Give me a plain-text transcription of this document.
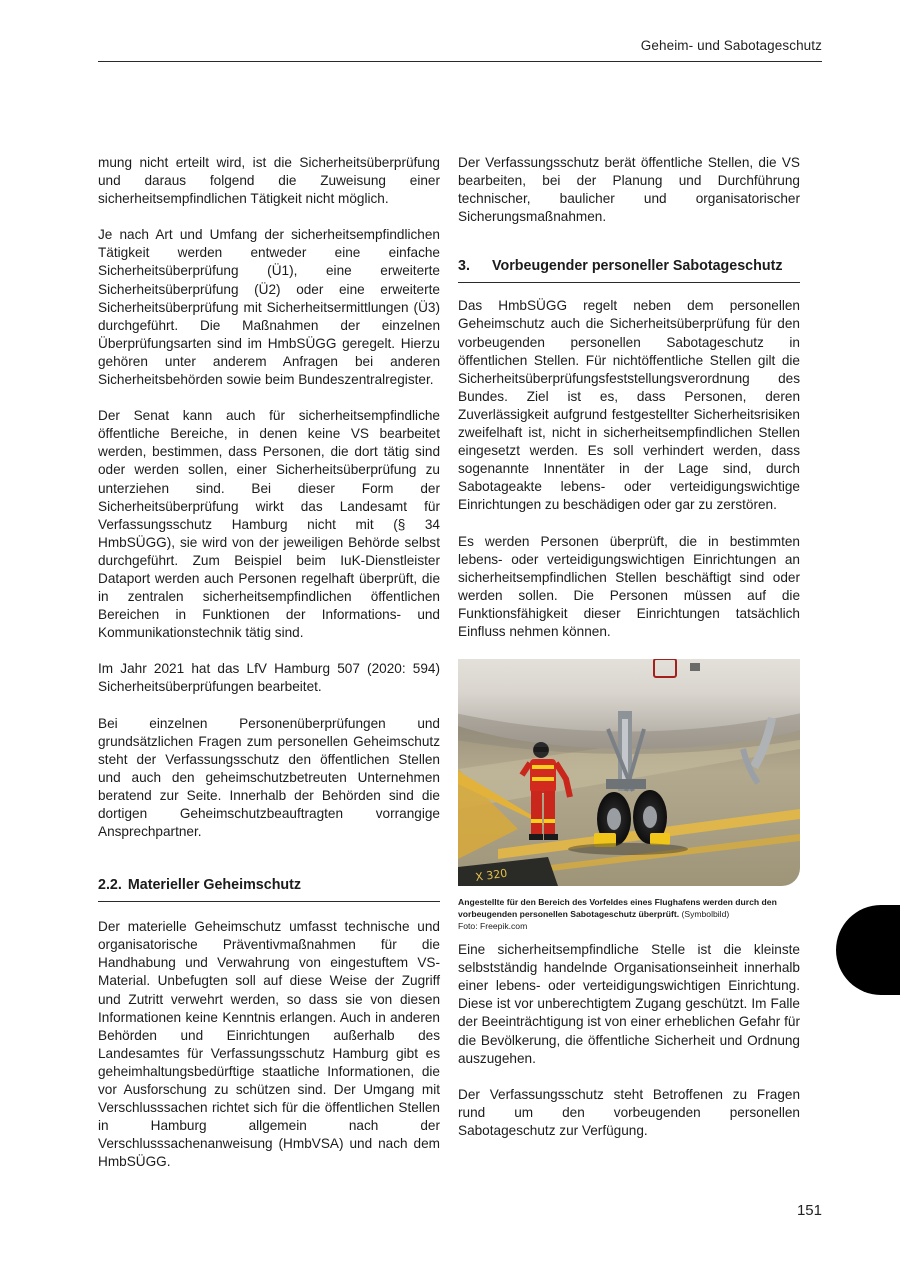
Geheim- und Sabotageschutz

mung nicht erteilt wird, ist die Sicherheitsüberprüfung und daraus folgend die Zuweisung einer sicherheitsempfindlichen Tätigkeit nicht möglich.

Je nach Art und Umfang der sicherheitsempfindlichen Tätigkeit werden entweder eine einfache Sicherheitsüberprüfung (Ü1), eine erweiterte Sicherheitsüberprüfung (Ü2) oder eine erweiterte Sicherheitsüberprüfung mit Sicherheitsermittlungen (Ü3) durchgeführt. Die Maßnahmen der einzelnen Überprüfungsarten sind im HmbSÜGG geregelt. Hierzu gehören unter anderem Anfragen bei anderen Sicherheitsbehörden sowie beim Bundeszentralregister.

Der Senat kann auch für sicherheitsempfindliche öffentliche Bereiche, in denen keine VS bearbeitet werden, bestimmen, dass Personen, die dort tätig sind oder werden sollen, einer Sicherheitsüberprüfung zu unterziehen sind. Bei dieser Form der Sicherheitsüberprüfung wirkt das Landesamt für Verfassungsschutz Hamburg nicht mit (§ 34 HmbSÜGG), sie wird von der jeweiligen Behörde selbst durchgeführt. Zum Beispiel beim IuK-Dienstleister Dataport werden auch Personen regelhaft überprüft, die in zentralen sicherheitsempfindlichen öffentlichen Bereichen in Funktionen der Informations- und Kommunikationstechnik tätig sind.

Im Jahr 2021 hat das LfV Hamburg 507 (2020: 594) Sicherheitsüberprüfungen bearbeitet.

Bei einzelnen Personenüberprüfungen und grundsätzlichen Fragen zum personellen Geheimschutz steht der Verfassungsschutz den öffentlichen Stellen und auch den geheimschutzbetreuten Unternehmen beratend zur Seite. Innerhalb der Behörden sind die dortigen Geheimschutzbeauftragten vorrangige Ansprechpartner.

2.2. Materieller Geheimschutz

Der materielle Geheimschutz umfasst technische und organisatorische Präventivmaßnahmen für die Handhabung und Verwahrung von eingestuftem VS-Material. Unbefugten soll auf diese Weise der Zugriff und Zutritt verwehrt werden, so dass sie von diesen Informationen keine Kenntnis erlangen. Auch in anderen Behörden und Einrichtungen außerhalb des Landesamtes für Verfassungsschutz Hamburg gibt es geheimhaltungsbedürftige staatliche Informationen, die vor Ausforschung zu schützen sind. Der Umgang mit Verschlusssachen richtet sich für die öffentlichen Stellen in Hamburg allgemein nach der Verschlusssachenanweisung (HmbVSA) und nach dem HmbSÜGG.

Der Verfassungsschutz berät öffentliche Stellen, die VS bearbeiten, bei der Planung und Durchführung technischer, baulicher und organisatorischer Sicherungsmaßnahmen.

3.	Vorbeugender personeller Sabotageschutz

Das HmbSÜGG regelt neben dem personellen Geheimschutz auch die Sicherheitsüberprüfung für den vorbeugenden personellen Sabotageschutz in öffentlichen Stellen. Für nichtöffentliche Stellen gilt die Sicherheitsüberprüfungsfeststellungsverordnung des Bundes. Ziel ist es, dass Personen, deren Zuverlässigkeit aufgrund festgestellter Sicherheitsrisiken zweifelhaft ist, nicht in sicherheitsempfindlichen Stellen eingesetzt werden. Es soll verhindert werden, dass sogenannte Innentäter in der Lage sind, durch Sabotageakte lebens- oder verteidigungswichtige Einrichtungen zu beschädigen oder gar zu zerstören.

Es werden Personen überprüft, die in bestimmten lebens- oder verteidigungswichtigen Einrichtungen an sicherheitsempfindlichen Stellen beschäftigt sind oder werden sollen. Die Personen müssen auf die Funktionsfähigkeit dieser Einrichtungen tatsächlich Einfluss nehmen können.

X 320
Angestellte für den Bereich des Vorfeldes eines Flughafens werden durch den vorbeugenden personellen Sabotageschutz überprüft. (Symbolbild)
Foto: Freepik.com

Eine sicherheitsempfindliche Stelle ist die kleinste selbstständig handelnde Organisationseinheit innerhalb einer lebens- oder verteidigungswichtigen Einrichtung. Diese ist vor unberechtigtem Zugang geschützt. Im Falle der Beeinträchtigung ist von einer erheblichen Gefahr für die Bevölkerung, die öffentliche Sicherheit und Ordnung auszugehen.

Der Verfassungsschutz steht Betroffenen zu Fragen rund um den vorbeugenden personellen Sabotageschutz zur Verfügung.

151
